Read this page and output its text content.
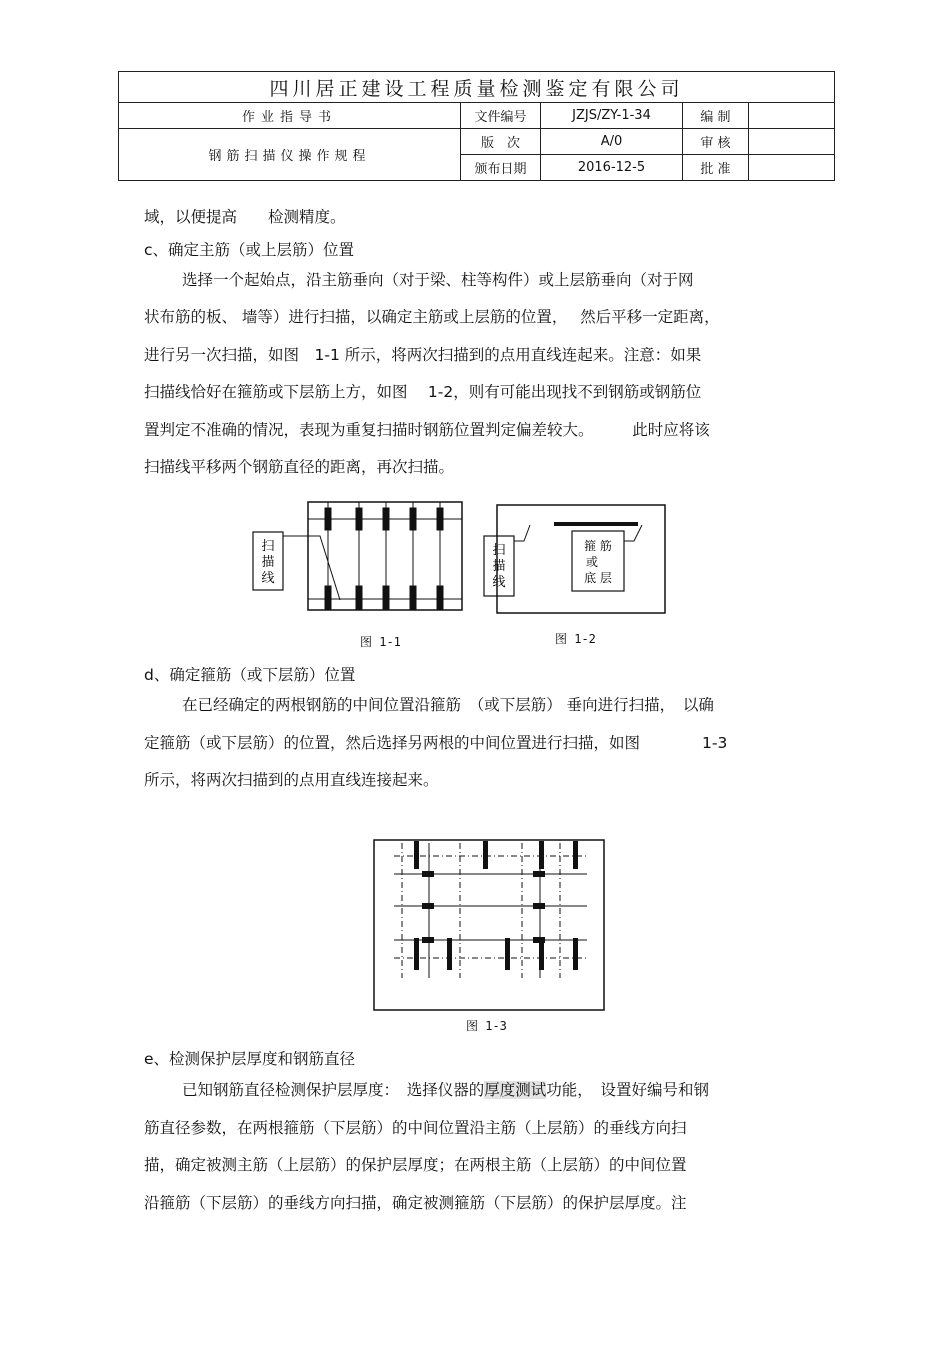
四川居正建设工程质量检测鉴定有限公司				
作业指导书	文件编号	JZJS/ZY-1-34	编 制	
钢筋扫描仪操作规程	版　次	A/0	审 核	
	颁布日期	2016-12-5	批 准	
域，以便提高　　检测精度。
c、确定主筋（或上层筋）位置
选择一个起始点，沿主筋垂向（对于梁、柱等构件）或上层筋垂向（对于网
状布筋的板、 墙等）进行扫描，以确定主筋或上层筋的位置，　 然后平移一定距离，
进行另一次扫描，如图　1-1 所示，将两次扫描到的点用直线连起来。注意：如果
扫描线恰好在箍筋或下层筋上方，如图　 1-2，则有可能出现找不到钢筋或钢筋位
置判定不准确的情况，表现为重复扫描时钢筋位置判定偏差较大。　　　此时应将该
扫描线平移两个钢筋直径的距离，再次扫描。
扫
描
线
图 1-1
扫
描
线
箍 筋
或
底 层
图 1-2
d、确定箍筋（或下层筋）位置
在已经确定的两根钢筋的中间位置沿箍筋　（或下层筋） 垂向进行扫描，　以确
定箍筋（或下层筋）的位置，然后选择另两根的中间位置进行扫描，如图　　　　1-3
所示，将两次扫描到的点用直线连接起来。
图 1-3
e、检测保护层厚度和钢筋直径
已知钢筋直径检测保护层厚度：　选择仪器的厚度测试功能，　设置好编号和钢
筋直径参数，在两根箍筋（下层筋）的中间位置沿主筋（上层筋）的垂线方向扫
描，确定被测主筋（上层筋）的保护层厚度；在两根主筋（上层筋）的中间位置
沿箍筋（下层筋）的垂线方向扫描，确定被测箍筋（下层筋）的保护层厚度。注
